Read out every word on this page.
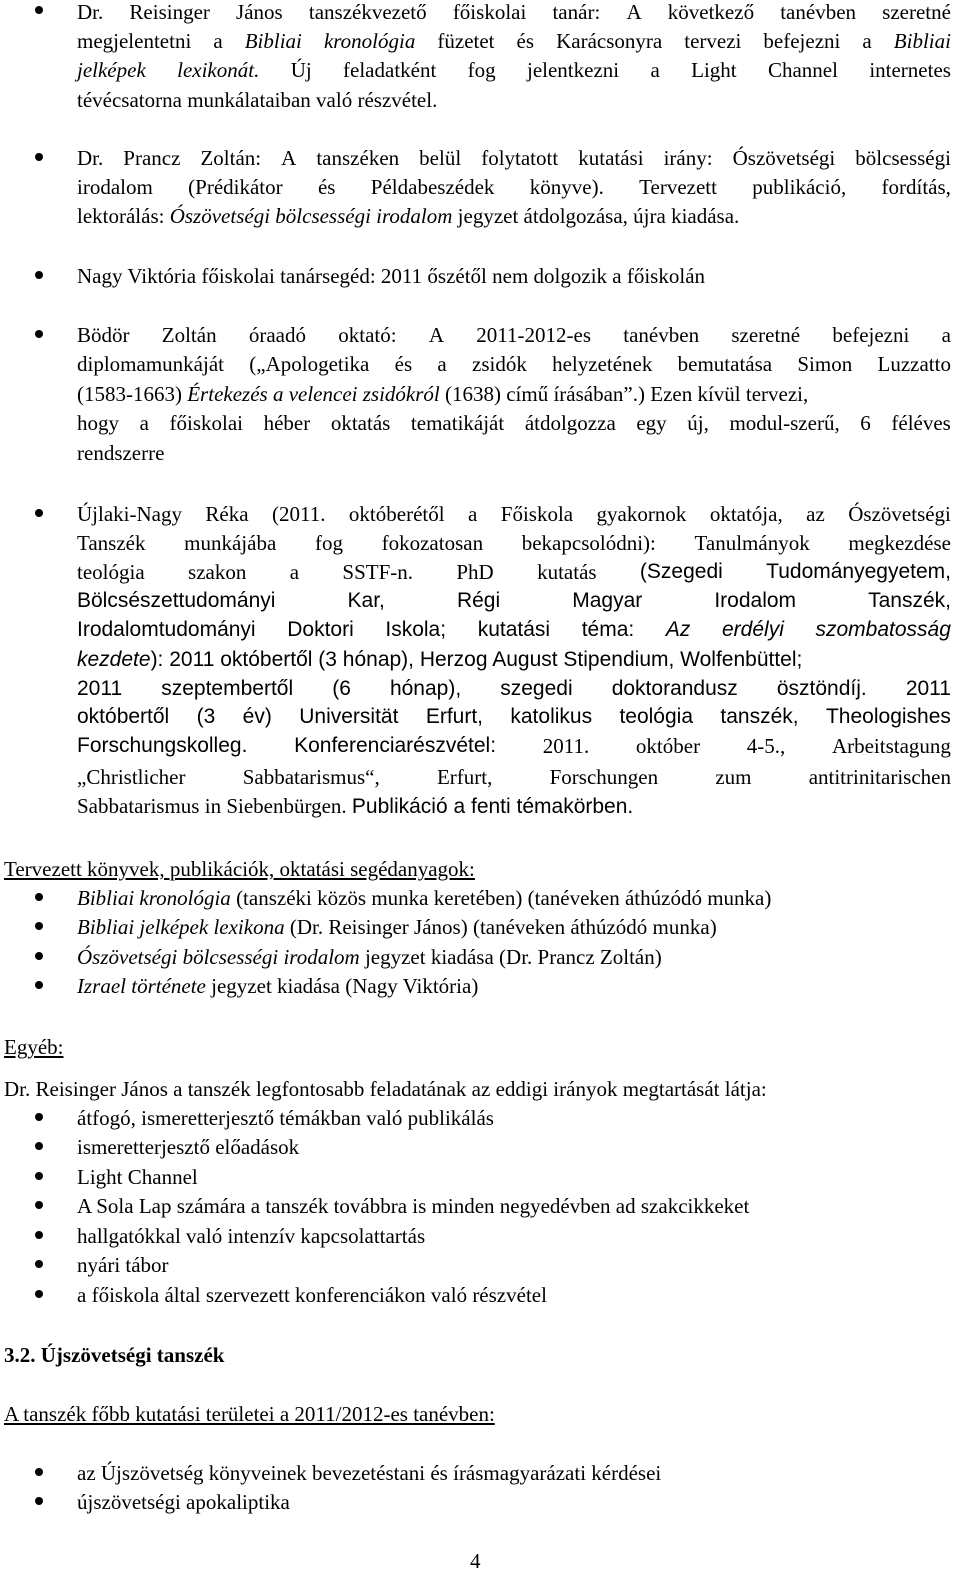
Dr. Reisinger János tanszékvezető főiskolai tanár: A következő tanévben szeretné
megjelentetni a Bibliai kronológia füzetet és Karácsonyra tervezi befejezni a Bibliai
jelképek lexikonát. Új feladatként fog jelentkezni a Light Channel internetes
tévécsatorna munkálataiban való részvétel.
Dr. Prancz Zoltán: A tanszéken belül folytatott kutatási irány: Ószövetségi bölcsességi
irodalom (Prédikátor és Példabeszédek könyve). Tervezett publikáció, fordítás,
lektorálás: Ószövetségi bölcsességi irodalom jegyzet átdolgozása, újra kiadása.
Nagy Viktória főiskolai tanársegéd: 2011 őszétől nem dolgozik a főiskolán
Bödör Zoltán óraadó oktató: A 2011-2012-es tanévben szeretné befejezni a
diplomamunkáját („Apologetika és a zsidók helyzetének bemutatása Simon Luzzatto
(1583-1663) Értekezés a velencei zsidókról (1638) című írásában”.) Ezen kívül tervezi,
hogy a főiskolai héber oktatás tematikáját átdolgozza egy új, modul-szerű, 6 féléves
rendszerre
Újlaki-Nagy Réka (2011. októberétől a Főiskola gyakornok oktatója, az Ószövetségi
Tanszék munkájába fog fokozatosan bekapcsolódni): Tanulmányok megkezdése
teológia szakon a SSTF-n. PhD kutatás (Szegedi Tudományegyetem,
Bölcsészettudományi	Kar,	Régi	Magyar	Irodalom	Tanszék,
Irodalomtudományi Doktori Iskola; kutatási téma: Az erdélyi szombatosság
kezdete): 2011 októbertől (3 hónap), Herzog August Stipendium, Wolfenbüttel;
2011 szeptembertől (6 hónap), szegedi doktorandusz ösztöndíj. 2011
októbertől (3 év) Universität Erfurt, katolikus teológia tanszék, Theologishes
Forschungskolleg. Konferenciarészvétel: 2011. október 4-5., Arbeitstagung
„Christlicher	Sabbatarismus“,	Erfurt,	Forschungen	zum	antitrinitarischen
Sabbatarismus in Siebenbürgen. Publikáció a fenti témakörben.
Tervezett könyvek, publikációk, oktatási segédanyagok:
Bibliai kronológia (tanszéki közös munka keretében) (tanéveken áthúzódó munka)
Bibliai jelképek lexikona (Dr. Reisinger János) (tanéveken áthúzódó munka)
Ószövetségi bölcsességi irodalom jegyzet kiadása (Dr. Prancz Zoltán)
Izrael története jegyzet kiadása (Nagy Viktória)
Egyéb:
Dr. Reisinger János a tanszék legfontosabb feladatának az eddigi irányok megtartását látja:
átfogó, ismeretterjesztő témákban való publikálás
ismeretterjesztő előadások
Light Channel
A Sola Lap számára a tanszék továbbra is minden negyedévben ad szakcikkeket
hallgatókkal való intenzív kapcsolattartás
nyári tábor
a főiskola által szervezett konferenciákon való részvétel
3.2. Újszövetségi tanszék
A tanszék főbb kutatási területei a 2011/2012-es tanévben:
az Újszövetség könyveinek bevezetéstani és írásmagyarázati kérdései
újszövetségi apokaliptika
4
